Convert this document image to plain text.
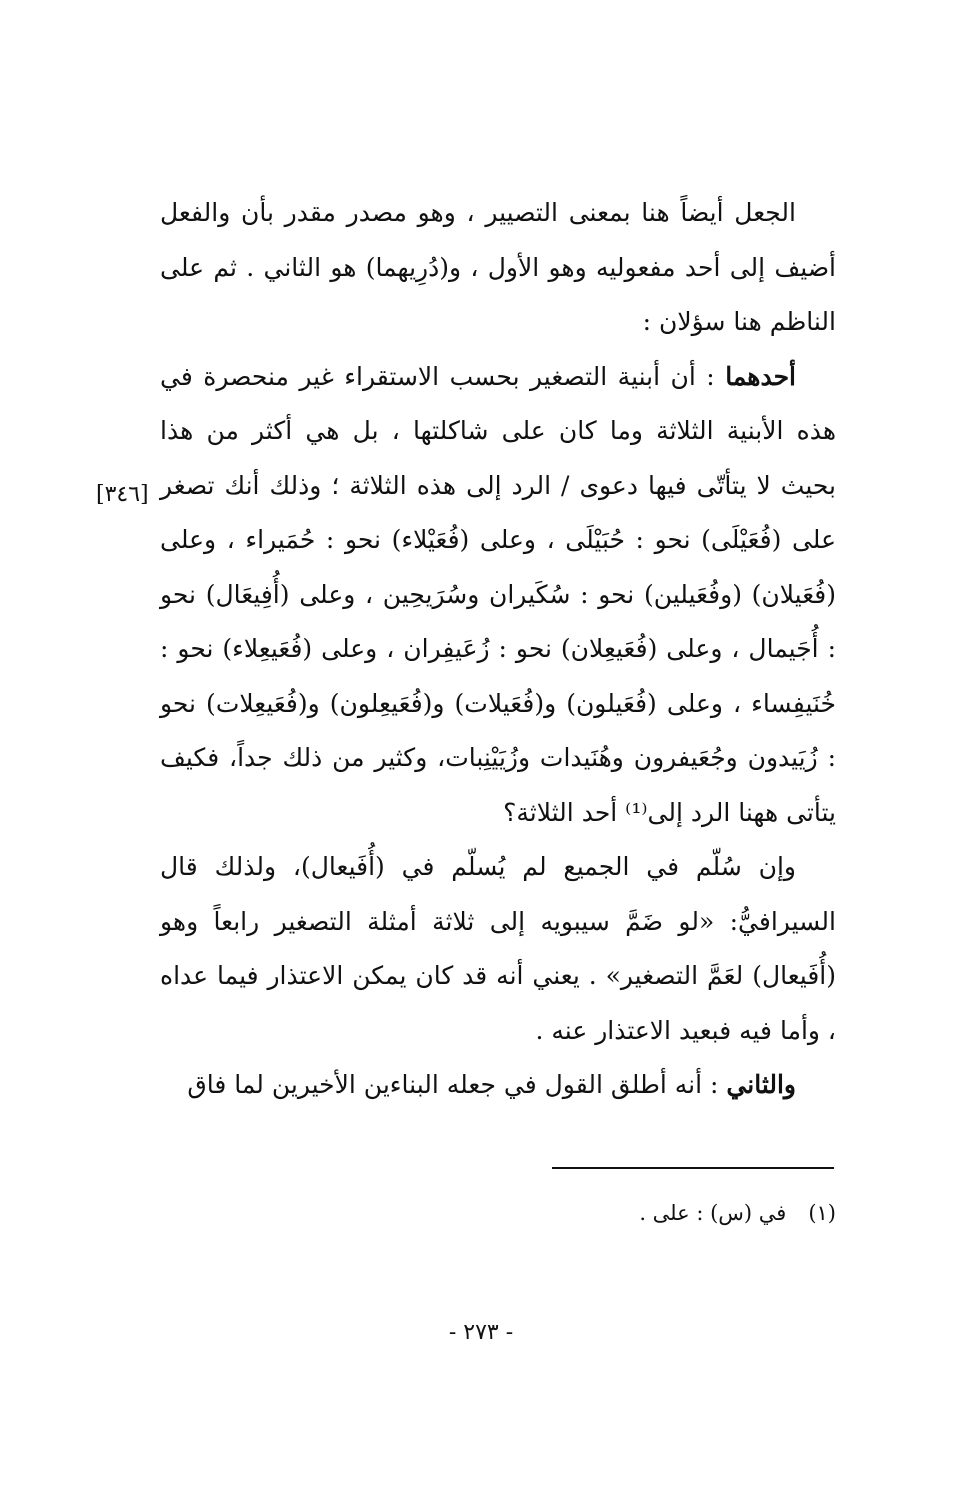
الجعل أيضاً هنا بمعنى التصيير ، وهو مصدر مقدر بأن والفعل أضيف إلى أحد مفعوليه وهو الأول ، و(دُرِيهما) هو الثاني . ثم على الناظم هنا سؤلان :

أحدهما : أن أبنية التصغير بحسب الاستقراء غير منحصرة في هذه الأبنية الثلاثة وما كان على شاكلتها ، بل هي أكثر من هذا بحيث لا يتأتّى فيها دعوى / الرد إلى هذه الثلاثة ؛ وذلك أنك تصغر على (فُعَيْلَى) نحو : حُبَيْلَى ، وعلى (فُعَيْلاء) نحو : حُمَيراء ، وعلى (فُعَيلان) (وفُعَيلين) نحو : سُكَيران وسُرَيحِين ، وعلى (أُفِيعَال) نحو : أُجَيمال ، وعلى (فُعَيعِلان) نحو : زُعَيفِران ، وعلى (فُعَيعِلاء) نحو : خُنَيفِساء ، وعلى (فُعَيلون) و(فُعَيلات) و(فُعَيعِلون) و(فُعَيعِلات) نحو : زُيَيدون وجُعَيفرون وهُنَيدات وزُيَيْنِبات، وكثير من ذلك جداً، فكيف يتأتى ههنا الرد إلى⁽¹⁾ أحد الثلاثة؟

وإن سُلّم في الجميع لم يُسلّم في (أُفَيعال)، ولذلك قال السيرافيُّ: «لو ضَمَّ سيبويه إلى ثلاثة أمثلة التصغير رابعاً وهو (أُفَيعال) لعَمَّ التصغير» . يعني أنه قد كان يمكن الاعتذار فيما عداه ، وأما فيه فبعيد الاعتذار عنه .

والثاني : أنه أطلق القول في جعله البناءين الأخيرين لما فاق

[٣٤٦]
(١)في (س) : على .
- ٢٧٣ -
